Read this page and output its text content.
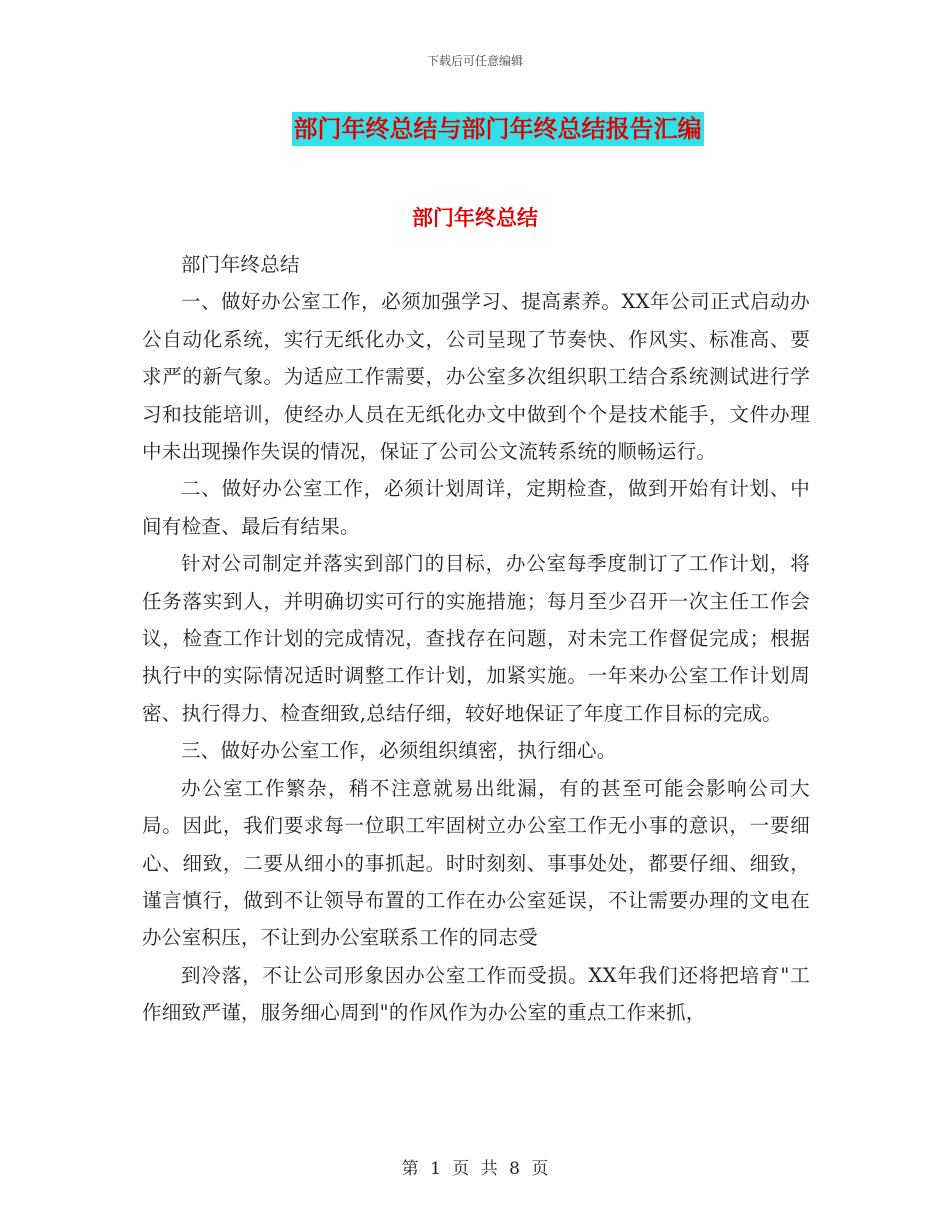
下载后可任意编辑
部门年终总结与部门年终总结报告汇编
部门年终总结

部门年终总结

一、做好办公室工作，必须加强学习、提高素养。XX年公司正式启动办公自动化系统，实行无纸化办文，公司呈现了节奏快、作风实、标准高、要求严的新气象。为适应工作需要，办公室多次组织职工结合系统测试进行学习和技能培训，使经办人员在无纸化办文中做到个个是技术能手，文件办理中未出现操作失误的情况，保证了公司公文流转系统的顺畅运行。

二、做好办公室工作，必须计划周详，定期检查，做到开始有计划、中间有检查、最后有结果。

针对公司制定并落实到部门的目标，办公室每季度制订了工作计划，将任务落实到人，并明确切实可行的实施措施；每月至少召开一次主任工作会议，检查工作计划的完成情况，查找存在问题，对未完工作督促完成；根据执行中的实际情况适时调整工作计划，加紧实施。一年来办公室工作计划周密、执行得力、检查细致,总结仔细，较好地保证了年度工作目标的完成。

三、做好办公室工作，必须组织缜密，执行细心。

办公室工作繁杂，稍不注意就易出纰漏，有的甚至可能会影响公司大局。因此，我们要求每一位职工牢固树立办公室工作无小事的意识，一要细心、细致，二要从细小的事抓起。时时刻刻、事事处处，都要仔细、细致，谨言慎行，做到不让领导布置的工作在办公室延误，不让需要办理的文电在办公室积压，不让到办公室联系工作的同志受

到冷落，不让公司形象因办公室工作而受损。XX年我们还将把培育"工作细致严谨，服务细心周到"的作风作为办公室的重点工作来抓，

第 1 页 共 8 页
